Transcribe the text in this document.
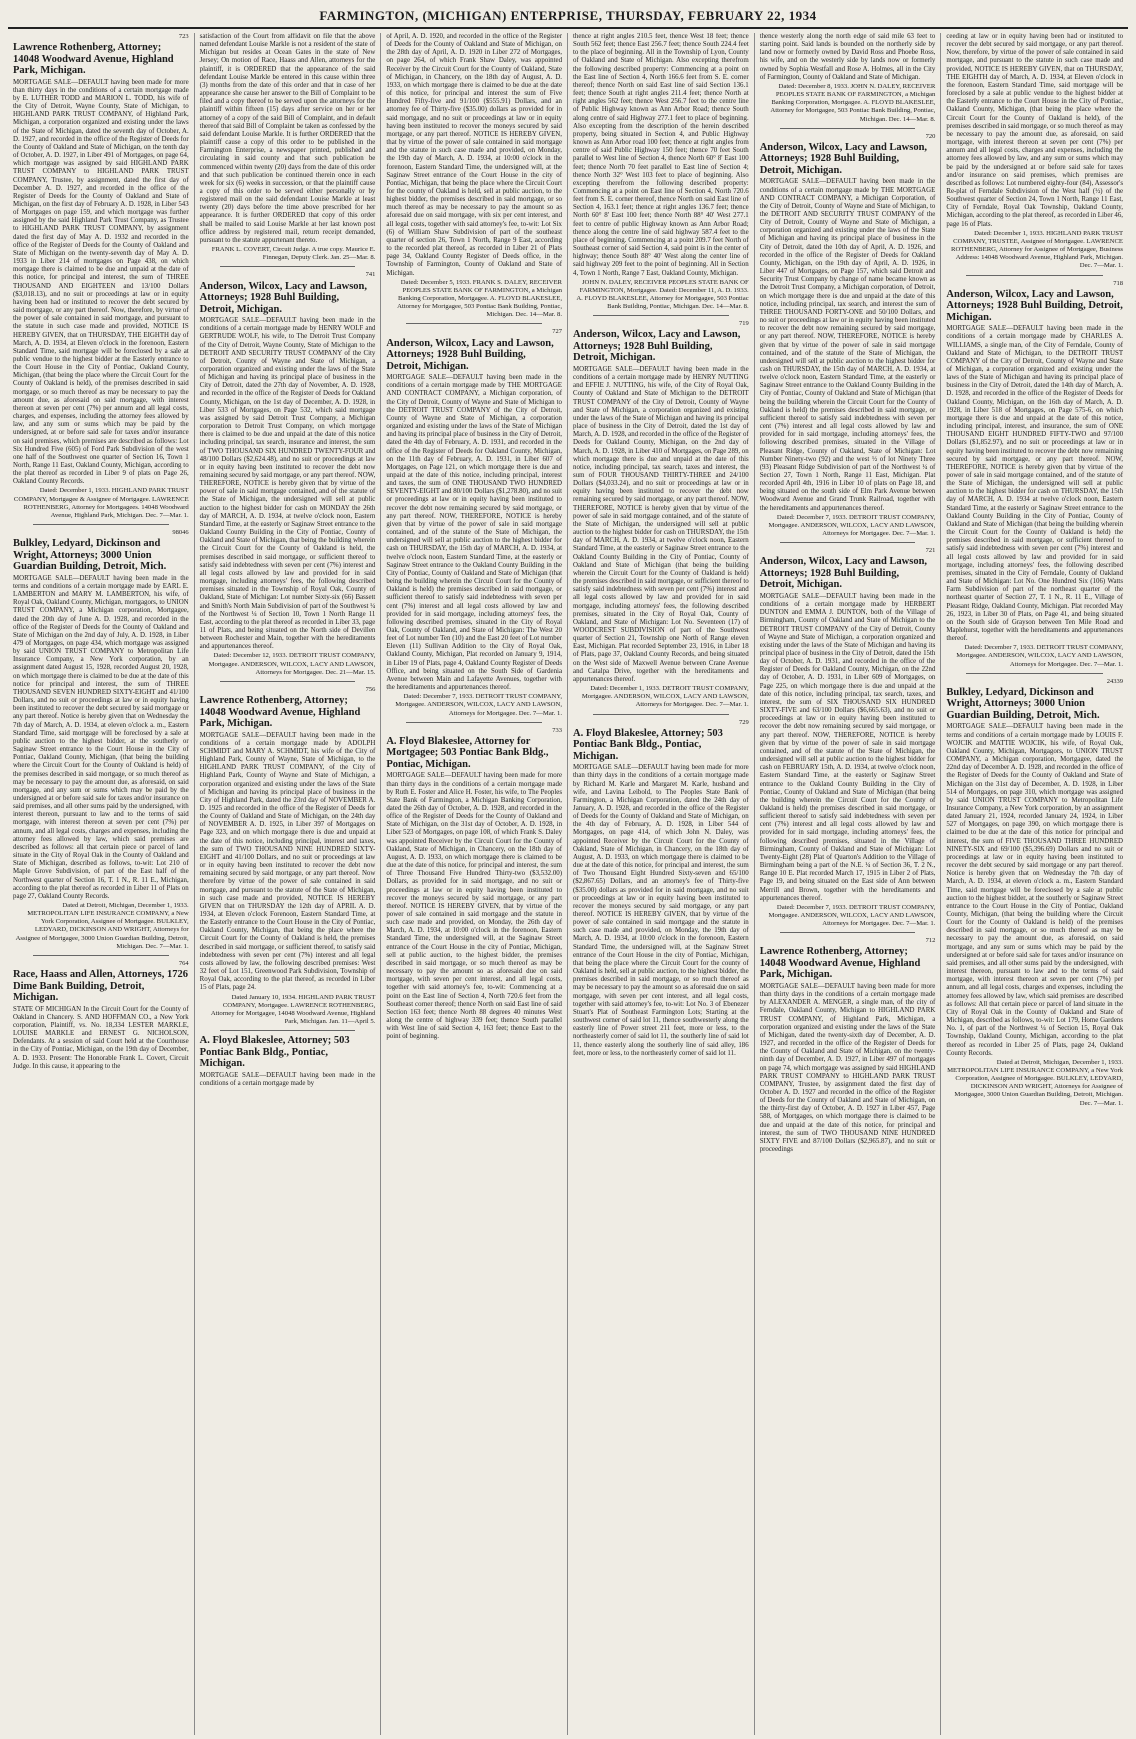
FARMINGTON, (MICHIGAN) ENTERPRISE, THURSDAY, FEBRUARY 22, 1934
723
Lawrence Rothenberg, Attorney; 14048 Woodward Avenue, Highland Park, Michigan.
MORTGAGE SALE—DEFAULT having been made for more than thirty days in the conditions of a certain mortgage made by E. LUTHER TODD and MARION L. TODD, his wife of the City of Detroit, Wayne County, State of Michigan, to HIGHLAND PARK TRUST COMPANY, of Highland Park, Michigan, a corporation organized and existing under the laws of the State of Michigan, dated the seventh day of October, A. D. 1927, and recorded in the office of the Register of Deeds for the County of Oakland and State of Michigan, on the tenth day of October, A. D. 1927, in Liber 491 of Mortgages, on page 64, which mortgage was assigned by said HIGHLAND PARK TRUST COMPANY to HIGHLAND PARK TRUST COMPANY, Trustee, by assignment, dated the first day of December A. D. 1927, and recorded in the office of the Register of Deeds for the County of Oakland and State of Michigan, on the first day of February A. D. 1928, in Liber 543 of Mortgages on page 159, and which mortgage was further assigned by the said Highland Park Trust Company, as Trustee to HIGHLAND PARK TRUST COMPANY, by assignment dated the first day of May A. D. 1932 and recorded in the office of the Register of Deeds for the County of Oakland and State of Michigan on the twenty-seventh day of May A. D. 1933 in Liber 214 of mortgages on Page 438, on which mortgage there is claimed to be due and unpaid at the date of this notice, for principal and interest, the sum of THREE THOUSAND AND EIGHTEEN and 13/100 Dollars ($3,018.13), and no suit or proceedings at law or in equity having been had or instituted to recover the debt secured by said mortgage, or any part thereof. Now, therefore, by virtue of the power of sale contained in said mortgage, and pursuant to the statute in such case made and provided, NOTICE IS HEREBY GIVEN, that on THURSDAY, THE EIGHTH day of March, A. D. 1934, at Eleven o'clock in the forenoon, Eastern Standard Time, said mortgage will be foreclosed by a sale at public vendue to the highest bidder at the Easterly entrance to the Court House in the City of Pontiac, Oakland County, Michigan, (that being the place where the Circuit Court for the County of Oakland is held), of the premises described in said mortgage, or so much thereof as may be necessary to pay the amount due, as aforesaid on said mortgage, with interest thereon at seven per cent (7%) per annum and all legal costs, charges, and expenses, including the attorney fees allowed by law, and any sum or sums which may be paid by the undersigned, at or before said sale for taxes and/or insurance on said premises, which premises are described as follows: Lot Six Hundred Five (605) of Ford Park Subdivision of the west one half of the Southwest one quarter of Section 16, Town 1 North, Range 11 East, Oakland County, Michigan, according to the plat thereof as recorded in Liber 9 of plats on Page 26, Oakland County Records.
Dated: December 1, 1933. HIGHLAND PARK TRUST COMPANY, Mortgagee & Assignee of Mortgagee. LAWRENCE ROTHENBERG, Attorney for Mortgagees. 14048 Woodward Avenue, Highland Park, Michigan. Dec. 7—Mar. 1.
98046
Bulkley, Ledyard, Dickinson and Wright, Attorneys; 3000 Union Guardian Building, Detroit, Mich.
MORTGAGE SALE—DEFAULT having been made in the terms and conditions of a certain mortgage made by EARL E. LAMBERTON and MARY M. LAMBERTON, his wife, of Royal Oak, Oakland County, Michigan, mortgagors, to UNION TRUST COMPANY, a Michigan corporation, Mortgagee, dated the 20th day of June A. D. 1928, and recorded in the office of the Register of Deeds for the County of Oakland and State of Michigan on the 2nd day of July, A. D. 1928, in Liber 479 of Mortgages, on page 434, which mortgage was assigned by said UNION TRUST COMPANY to Metropolitan Life Insurance Company, a New York corporation, by an assignment dated August 15, 1928, recorded August 20, 1928, on which mortgage there is claimed to be due at the date of this notice for principal and interest, the sum of THREE THOUSAND SEVEN HUNDRED SIXTY-EIGHT and 41/100 Dollars, and no suit or proceedings at law or in equity having been instituted to recover the debt secured by said mortgage or any part thereof. Notice is hereby given that on Wednesday the 7th day of March, A. D. 1934, at eleven o'clock a. m., Eastern Standard Time, said mortgage will be foreclosed by a sale at public auction to the highest bidder, at the southerly or Saginaw Street entrance to the Court House in the City of Pontiac, Oakland County, Michigan, (that being the building where the Circuit Court for the County of Oakland is held) of the premises described in said mortgage, or so much thereof as may be necessary to pay the amount due, as aforesaid, on said mortgage, and any sum or sums which may be paid by the undersigned at or before said sale for taxes and/or insurance on said premises, and all other sums paid by the undersigned, with interest thereon, pursuant to law and to the terms of said mortgage, with interest thereon at seven per cent (7%) per annum, and all legal costs, charges and expenses, including the attorney fees allowed by law, which said premises are described as follows: all that certain piece or parcel of land situate in the City of Royal Oak in the County of Oakland and State of Michigan, described as follows, to-wit: Lot 210 of Maple Grove Subdivision, of part of the East half of the Northwest quarter of Section 16, T. 1 N., R. 11 E., Michigan, according to the plat thereof as recorded in Liber 11 of Plats on page 27, Oakland County Records.
Dated at Detroit, Michigan, December 1, 1933. METROPOLITAN LIFE INSURANCE COMPANY, a New York Corporation, Assignee of Mortgagee. BULKLEY, LEDYARD, DICKINSON AND WRIGHT, Attorneys for Assignee of Mortgagee, 3000 Union Guardian Building, Detroit, Michigan. Dec. 7—Mar. 1.
764
Race, Haass and Allen, Attorneys, 1726 Dime Bank Building, Detroit, Michigan.
STATE OF MICHIGAN In the Circuit Court for the County of Oakland in Chancery. S. AND HOFFMAN CO., a New York corporation, Plaintiff, vs. No. 18,334 LESTER MARKLE, LOUISE MARKLE and ERNEST G. NICHOLSON, Defendants. At a session of said Court held at the Courthouse in the City of Pontiac, Michigan, on the 19th day of December, A. D. 1933. Present: The Honorable Frank L. Covert, Circuit Judge. In this cause, it appearing to the
satisfaction of the Court from affidavit on file that the above named defendant Louise Markle is not a resident of the state of Michigan but resides at Ocean Gates in the state of New Jersey; On motion of Race, Haass and Allen, attorneys for the plaintiff, it is ORDERED that the appearance of the said defendant Louise Markle be entered in this cause within three (3) months from the date of this order and that in case of her appearance she cause her answer to the Bill of Complaint to be filed and a copy thereof to be served upon the attorneys for the plaintiff within fifteen (15) days after service on her or her attorney of a copy of the said Bill of Complaint, and in default thereof that said Bill of Complaint be taken as confessed by the said defendant Louise Markle. It is further ORDERED that the plaintiff cause a copy of this order to be published in the Farmington Enterprise, a newspaper printed, published and circulating in said county and that such publication be commenced within twenty (20) days from the date of this order and that such publication be continued therein once in each week for six (6) weeks in succession, or that the plaintiff cause a copy of this order to be served either personally or by registered mail on the said defendant Louise Markle at least twenty (20) days before the time above prescribed for her appearance. It is further ORDERED that copy of this order shall be mailed to said Louise Markle at her last known post office address by registered mail, return receipt demanded, pursuant to the statute appurtenant thereto.
FRANK L. COVERT, Circuit Judge. A true copy. Maurice E. Finnegan, Deputy Clerk. Jan. 25—Mar. 8.
741
Anderson, Wilcox, Lacy and Lawson, Attorneys; 1928 Buhl Building, Detroit, Michigan.
MORTGAGE SALE—DEFAULT having been made in the conditions of a certain mortgage made by HENRY WOLF and GERTRUDE WOLF, his wife, to The Detroit Trust Company of the City of Detroit, Wayne County, State of Michigan to the DETROIT AND SECURITY TRUST COMPANY of the City of Detroit, County of Wayne and State of Michigan, a corporation organized and existing under the laws of the State of Michigan and having its principal place of business in the City of Detroit, dated the 27th day of November, A. D. 1928, and recorded in the office of the Register of Deeds for Oakland County, Michigan, on the 1st day of December, A. D. 1928, in Liber 533 of Mortgages, on Page 532, which said mortgage was assigned by said Detroit Trust Company, a Michigan corporation to Detroit Trust Company, on which mortgage there is claimed to be due and unpaid at the date of this notice including principal, tax search, insurance and interest, the sum of TWO THOUSAND SIX HUNDRED TWENTY-FOUR and 48/100 Dollars ($2,624.48), and no suit or proceedings at law or in equity having been instituted to recover the debt now remaining secured by said mortgage, or any part thereof. NOW, THEREFORE, NOTICE is hereby given that by virtue of the power of sale in said mortgage contained, and of the statute of the State of Michigan, the undersigned will sell at public auction to the highest bidder for cash on MONDAY the 26th day of MARCH, A. D. 1934, at twelve o'clock noon, Eastern Standard Time, at the easterly or Saginaw Street entrance to the Oakland County Building in the City of Pontiac, County of Oakland and State of Michigan, that being the building wherein the Circuit Court for the County of Oakland is held, the premises described in said mortgage, or sufficient thereof to satisfy said indebtedness with seven per cent (7%) interest and all legal costs allowed by law and provided for in said mortgage, including attorneys' fees, the following described premises situated in the Township of Royal Oak, County of Oakland, State of Michigan: Lot number Sixty-six (66) Bassett and Smith's North Main Subdivision of part of the Southwest ¼ of the Northwest ¼ of Section 10, Town 1 North Range 11 East, according to the plat thereof as recorded in Liber 33, page 11 of Plats, and being situated on the North side of Devillen between Rochester and Main, together with the hereditaments and appurtenances thereof.
Dated: December 12, 1933. DETROIT TRUST COMPANY, Mortgagee. ANDERSON, WILCOX, LACY AND LAWSON, Attorneys for Mortgagee. Dec. 21—Mar. 15.
756
Lawrence Rothenberg, Attorney; 14048 Woodward Avenue, Highland Park, Michigan.
MORTGAGE SALE—DEFAULT having been made in the conditions of a certain mortgage made by ADOLPH SCHMIDT and MARY A. SCHMIDT, his wife of the City of Highland Park, County of Wayne, State of Michigan, to the HIGHLAND PARK TRUST COMPANY, of the City of Highland Park, County of Wayne and State of Michigan, a corporation organized and existing under the laws of the State of Michigan and having its principal place of business in the City of Highland Park, dated the 23rd day of NOVEMBER A. D. 1925 and recorded in the office of the Register of Deeds for the County of Oakland and State of Michigan, on the 24th day of NOVEMBER A. D. 1925, in Liber 397 of Mortgages on Page 323, and on which mortgage there is due and unpaid at the date of this notice, including principal, interest and taxes, the sum of TWO THOUSAND NINE HUNDRED SIXTY-EIGHT and 41/100 Dollars, and no suit or proceedings at law or in equity having been instituted to recover the debt now remaining secured by said mortgage, or any part thereof. Now therefore by virtue of the power of sale contained in said mortgage, and pursuant to the statute of the State of Michigan, in such case made and provided, NOTICE IS HEREBY GIVEN that on THURSDAY the 12th day of APRIL A. D. 1934, at Eleven o'clock Forenoon, Eastern Standard Time, at the Easterly entrance to the Court House in the City of Pontiac, Oakland County, Michigan, that being the place where the Circuit Court for the County of Oakland is held, the premises described in said mortgage, or sufficient thereof, to satisfy said indebtedness with seven per cent (7%) interest and all legal costs allowed by law, the following described premises: West 32 feet of Lot 151, Greenwood Park Subdivision, Township of Royal Oak, according to the plat thereof, as recorded in Liber 15 of Plats, page 24.
Dated January 10, 1934. HIGHLAND PARK TRUST COMPANY, Mortgagee. LAWRENCE ROTHENBERG, Attorney for Mortgagee, 14048 Woodward Avenue, Highland Park, Michigan. Jan. 11—April 5.
A. Floyd Blakeslee, Attorney; 503 Pontiac Bank Bldg., Pontiac, Michigan.
MORTGAGE SALE—DEFAULT having been made in the conditions of a certain mortgage made by
of April, A. D. 1920, and recorded in the office of the Register of Deeds for the County of Oakland and State of Michigan, on the 28th day of April, A. D. 1920 in Liber 272 of Mortgages, on page 264, of which Frank Shaw Daley, was appointed Receiver by the Circuit Court for the County of Oakland, State of Michigan, in Chancery, on the 18th day of August, A. D. 1933, on which mortgage there is claimed to be due at the date of this notice, for principal and interest the sum of Five Hundred Fifty-five and 91/100 ($555.91) Dollars, and an attorney fee of Thirty-five ($35.00) dollars as provided for in said mortgage, and no suit or proceedings at law or in equity having been instituted to recover the moneys secured by said mortgage, or any part thereof. NOTICE IS HEREBY GIVEN, that by virtue of the power of sale contained in said mortgage and the statute in such case made and provided, on Monday, the 19th day of March, A. D. 1934, at 10:00 o'clock in the forenoon, Eastern Standard Time, the undersigned will, at the Saginaw Street entrance of the Court House in the city of Pontiac, Michigan, that being the place where the Circuit Court for the county of Oakland is held, sell at public auction, to the highest bidder, the premises described in said mortgage, or so much thereof as may be necessary to pay the amount so as aforesaid due on said mortgage, with six per cent interest, and all legal costs, together with said attorney's fee, to-wit: Lot Six (6) of William Shaw Subdivision of part of the southeast quarter of section 26, Town 1 North, Range 9 East, according to the recorded plat thereof, as recorded in Liber 21 of Plats page 34, Oakland County Register of Deeds office, in the Township of Farmington, County of Oakland and State of Michigan.
Dated: December 5, 1933. FRANK S. DALEY, RECEIVER PEOPLES STATE BANK OF FARMINGTON, a Michigan Banking Corporation, Mortgagee. A. FLOYD BLAKESLEE, Attorney for Mortgagee, 503 Pontiac Bank Building, Pontiac, Michigan. Dec. 14—Mar. 8.
727
Anderson, Wilcox, Lacy and Lawson, Attorneys; 1928 Buhl Building, Detroit, Michigan.
MORTGAGE SALE—DEFAULT having been made in the conditions of a certain mortgage made by THE MORTGAGE AND CONTRACT COMPANY, a Michigan corporation, of the City of Detroit, County of Wayne and State of Michigan to the DETROIT TRUST COMPANY of the City of Detroit, County of Wayne and State of Michigan, a corporation organized and existing under the laws of the State of Michigan and having its principal place of business in the City of Detroit, dated the 4th day of February, A. D. 1931, and recorded in the office of the Register of Deeds for Oakland County, Michigan, on the 11th day of February, A. D. 1931, in Liber 607 of Mortgages, on Page 121, on which mortgage there is due and unpaid at the date of this notice, including principal, interest and taxes, the sum of ONE THOUSAND TWO HUNDRED SEVENTY-EIGHT and 80/100 Dollars ($1,278.80), and no suit or proceedings at law or in equity having been instituted to recover the debt now remaining secured by said mortgage, or any part thereof. NOW, THEREFORE, NOTICE is hereby given that by virtue of the power of sale in said mortgage contained, and of the statute of the State of Michigan, the undersigned will sell at public auction to the highest bidder for cash on THURSDAY, the 15th day of MARCH, A. D. 1934, at twelve o'clock noon, Eastern Standard Time, at the easterly or Saginaw Street entrance to the Oakland County Building in the City of Pontiac, County of Oakland and State of Michigan (that being the building wherein the Circuit Court for the County of Oakland is held) the premises described in said mortgage, or sufficient thereof to satisfy said indebtedness with seven per cent (7%) interest and all legal costs allowed by law and provided for in said mortgage, including attorneys' fees, the following described premises, situated in the City of Royal Oak, County of Oakland, and State of Michigan: The West 20 feet of Lot number Ten (10) and the East 20 feet of Lot number Eleven (11) Sullivan Addition to the City of Royal Oak, Oakland County, Michigan, Plat recorded on January 9, 1914, in Liber 19 of Plats, page 4, Oakland County Register of Deeds Office, and being situated on the South Side of Gardenia Avenue between Main and Lafayette Avenues, together with the hereditaments and appurtenances thereof.
Dated: December 7, 1933. DETROIT TRUST COMPANY, Mortgagee. ANDERSON, WILCOX, LACY AND LAWSON, Attorneys for Mortgagee. Dec. 7—Mar. 1.
733
A. Floyd Blakeslee, Attorney for Mortgagee; 503 Pontiac Bank Bldg., Pontiac, Michigan.
MORTGAGE SALE—DEFAULT having been made for more than thirty days in the conditions of a certain mortgage made by Ruth E. Foster and Alice H. Foster, his wife, to The Peoples State Bank of Farmington, a Michigan Banking Corporation, dated the 26th day of October, A. D. 1928, and recorded in the office of the Register of Deeds for the County of Oakland and State of Michigan, on the 31st day of October, A. D. 1928, in Liber 523 of Mortgages, on page 108, of which Frank S. Daley was appointed Receiver by the Circuit Court for the County of Oakland, State of Michigan, in Chancery, on the 18th day of August, A. D. 1933, on which mortgage there is claimed to be due at the date of this notice, for principal and interest, the sum of Three Thousand Five Hundred Thirty-two ($3,532.00) Dollars, as provided for in said mortgage, and no suit or proceedings at law or in equity having been instituted to recover the moneys secured by said mortgage, or any part thereof. NOTICE IS HEREBY GIVEN, that by virtue of the power of sale contained in said mortgage and the statute in such case made and provided, on Monday, the 26th day of March, A. D. 1934, at 10:00 o'clock in the forenoon, Eastern Standard Time, the undersigned will, at the Saginaw Street entrance of the Court House in the city of Pontiac, Michigan, sell at public auction, to the highest bidder, the premises described in said mortgage, or so much thereof as may be necessary to pay the amount so as aforesaid due on said mortgage, with seven per cent interest, and all legal costs, together with said attorney's fee, to-wit: Commencing at a point on the East line of Section 4, North 720.6 feet from the Southeast corner thereof; thence North on said East line of said Section 163 feet; thence North 88 degrees 40 minutes West along the centre of highway 339 feet; thence South parallel with West line of said Section 4, 163 feet; thence East to the point of beginning.
thence at right angles 210.5 feet, thence West 18 feet; thence South 562 feet; thence East 256.7 feet; thence South 224.4 feet to the place of beginning. All in the Township of Lyon, County of Oakland and State of Michigan. Also excepting therefrom the following described property: Commencing at a point on the East line of Section 4, North 166.6 feet from S. E. corner thereof; thence North on said East line of said Section 136.1 feet; thence South at right angles 211.4 feet; thence North at right angles 562 feet; thence West 256.7 feet to the centre line of Public Highway known as Ann Arbor Road; thence South along centre of said Highway 277.1 feet to place of beginning. Also excepting from the description of the herein described property, being situated in Section 4, and Public Highway known as Ann Arbor road 100 feet; thence at right angles from centre of said Public Highway 150 feet; thence 70 feet South parallel to West line of Section 4, thence North 60° 8' East 100 feet; thence North 70 feet parallel to East line of Section 4; thence North 32° West 103 feet to place of beginning. Also excepting therefrom the following described property: Commencing at a point on East line of Section 4, North 720.6 feet from S. E. corner thereof, thence North on said East line of Section 4, 163.1 feet; thence at right angles 136.7 feet; thence North 60° 8' East 100 feet; thence North 88° 40' West 277.1 feet to centre of public Highway known as Ann Arbor Road; thence along the centre line of said highway 587.4 feet to the place of beginning. Commencing at a point 209.7 feet North of Southeast corner of said Section 4, said point is in the center of highway; thence South 88° 40' West along the center line of said highway 209 feet to the point of beginning. All in Section 4, Town 1 North, Range 7 East, Oakland County, Michigan.
JOHN N. DALEY, RECEIVER PEOPLES STATE BANK OF FARMINGTON, Mortgagee. Dated: December 11, A. D. 1933. A. FLOYD BLAKESLEE, Attorney for Mortgagee, 503 Pontiac Bank Building, Pontiac, Michigan. Dec. 14—Mar. 8.
719
Anderson, Wilcox, Lacy and Lawson, Attorneys; 1928 Buhl Building, Detroit, Michigan.
MORTGAGE SALE—DEFAULT having been made in the conditions of a certain mortgage made by HENRY NUTTING and EFFIE J. NUTTING, his wife, of the City of Royal Oak, County of Oakland and State of Michigan to the DETROIT TRUST COMPANY of the City of Detroit, County of Wayne and State of Michigan, a corporation organized and existing under the laws of the State of Michigan and having its principal place of business in the City of Detroit, dated the 1st day of March, A. D. 1928, and recorded in the office of the Register of Deeds for Oakland County, Michigan, on the 2nd day of March, A. D. 1928, in Liber 410 of Mortgages, on Page 289, on which mortgage there is due and unpaid at the date of this notice, including principal, tax search, taxes and interest, the sum of FOUR THOUSAND THIRTY-THREE and 24/100 Dollars ($4,033.24), and no suit or proceedings at law or in equity having been instituted to recover the debt now remaining secured by said mortgage, or any part thereof. NOW, THEREFORE, NOTICE is hereby given that by virtue of the power of sale in said mortgage contained, and of the statute of the State of Michigan, the undersigned will sell at public auction to the highest bidder for cash on THURSDAY, the 15th day of MARCH, A. D. 1934, at twelve o'clock noon, Eastern Standard Time, at the easterly or Saginaw Street entrance to the Oakland County Building in the City of Pontiac, County of Oakland and State of Michigan (that being the building wherein the Circuit Court for the County of Oakland is held) the premises described in said mortgage, or sufficient thereof to satisfy said indebtedness with seven per cent (7%) interest and all legal costs allowed by law and provided for in said mortgage, including attorneys' fees, the following described premises, situated in the City of Royal Oak, County of Oakland, and State of Michigan: Lot No. Seventeen (17) of WOODCREST SUBDIVISION of part of the Southwest quarter of Section 21, Township one North of Range eleven East, Michigan. Plat recorded September 23, 1916, in Liber 18 of Plats, page 37, Oakland County Records, and being situated on the West side of Maxwell Avenue between Crane Avenue and Catalpa Drive, together with the hereditaments and appurtenances thereof.
Dated: December 1, 1933. DETROIT TRUST COMPANY, Mortgagee. ANDERSON, WILCOX, LACY AND LAWSON, Attorneys for Mortgagee. Dec. 7—Mar. 1.
729
A. Floyd Blakeslee, Attorney; 503 Pontiac Bank Bldg., Pontiac, Michigan.
MORTGAGE SALE—DEFAULT having been made for more than thirty days in the conditions of a certain mortgage made by Richard M. Karle and Margaret M. Karle, husband and wife, and Lavina Leibold, to The Peoples State Bank of Farmington, a Michigan Corporation, dated the 24th day of January, A. D. 1928, and recorded in the office of the Register of Deeds for the County of Oakland and State of Michigan, on the 4th day of February, A. D. 1928, in Liber 544 of Mortgages, on page 414, of which John N. Daley, was appointed Receiver by the Circuit Court for the County of Oakland, State of Michigan, in Chancery, on the 18th day of August, A. D. 1933, on which mortgage there is claimed to be due at the date of this notice, for principal and interest, the sum of Two Thousand Eight Hundred Sixty-seven and 65/100 ($2,867.65) Dollars, and an attorney's fee of Thirty-five ($35.00) dollars as provided for in said mortgage, and no suit or proceedings at law or in equity having been instituted to recover the moneys secured by said mortgage, or any part thereof. NOTICE IS HEREBY GIVEN, that by virtue of the power of sale contained in said mortgage and the statute in such case made and provided, on Monday, the 19th day of March, A. D. 1934, at 10:00 o'clock in the forenoon, Eastern Standard Time, the undersigned will, at the Saginaw Street entrance of the Court House in the city of Pontiac, Michigan, that being the place where the Circuit Court for the county of Oakland is held, sell at public auction, to the highest bidder, the premises described in said mortgage, or so much thereof as may be necessary to pay the amount so as aforesaid due on said mortgage, with seven per cent interest, and all legal costs, together with said attorney's fee, to-wit: Lot No. 3 of Ebenezer Stuart's Plat of Southeast Farmington Lots; Starting at the southwest corner of said lot 11, thence southwesterly along the easterly line of Power street 211 feet, more or less, to the northeasterly corner of said lot 11, the southerly line of said lot 11, thence easterly along the southerly line of said alley, 186 feet, more or less, to the northeasterly corner of said lot 11.
thence westerly along the north edge of said mile 63 feet to starting point. Said lands is bounded on the northerly side by land now or formerly owned by David Ross and Phoebe Ross, his wife, and on the westerly side by lands now or formerly owned by Sophia Westfall and Rose A. Holmes, all in the City of Farmington, County of Oakland and State of Michigan.
Dated: December 8, 1933. JOHN N. DALEY, RECEIVER PEOPLES STATE BANK OF FARMINGTON, a Michigan Banking Corporation, Mortgagee. A. FLOYD BLAKESLEE, Attorney for Mortgagee, 503 Pontiac Bank Building, Pontiac, Michigan. Dec. 14—Mar. 8.
720
Anderson, Wilcox, Lacy and Lawson, Attorneys; 1928 Buhl Building, Detroit, Michigan.
MORTGAGE SALE—DEFAULT having been made in the conditions of a certain mortgage made by THE MORTGAGE AND CONTRACT COMPANY, a Michigan Corporation, of the City of Detroit, County of Wayne and State of Michigan, to the DETROIT AND SECURITY TRUST COMPANY of the City of Detroit, County of Wayne and State of Michigan, a corporation organized and existing under the laws of the State of Michigan and having its principal place of business in the City of Detroit, dated the 10th day of April, A. D. 1926, and recorded in the office of the Register of Deeds for Oakland County, Michigan, on the 19th day of April, A. D. 1926, in Liber 447 of Mortgages, on Page 157, which said Detroit and Security Trust Company by change of name became known as the Detroit Trust Company, a Michigan corporation, of Detroit, on which mortgage there is due and unpaid at the date of this notice, including principal, tax search, and interest the sum of THREE THOUSAND FORTY-ONE and 50/100 Dollars, and no suit or proceedings at law or in equity having been instituted to recover the debt now remaining secured by said mortgage, or any part thereof. NOW, THEREFORE, NOTICE is hereby given that by virtue of the power of sale in said mortgage contained, and of the statute of the State of Michigan, the undersigned will sell at public auction to the highest bidder for cash on THURSDAY, the 15th day of MARCH, A. D. 1934, at twelve o'clock noon, Eastern Standard Time, at the easterly or Saginaw Street entrance to the Oakland County Building in the City of Pontiac, County of Oakland and State of Michigan (that being the building wherein the Circuit Court for the County of Oakland is held) the premises described in said mortgage, or sufficient thereof to satisfy said indebtedness with seven per cent (7%) interest and all legal costs allowed by law and provided for in said mortgage, including attorneys' fees, the following described premises, situated in the Village of Pleasant Ridge, County of Oakland, State of Michigan: Lot Number Ninety-two (92) and the west ½ of lot Ninety Three (93) Pleasant Ridge Subdivision of part of the Northwest ¼ of Section 27, Town 1 North, Range 11 East, Michigan. Plat recorded April 4th, 1916 in Liber 10 of plats on Page 18, and being situated on the south side of Elm Park Avenue between Woodward Avenue and Grand Trunk Railroad, together with the hereditaments and appurtenances thereof.
Dated: December 7, 1933. DETROIT TRUST COMPANY, Mortgagee. ANDERSON, WILCOX, LACY AND LAWSON, Attorneys for Mortgagee. Dec. 7—Mar. 1.
721
Anderson, Wilcox, Lacy and Lawson, Attorneys; 1928 Buhl Building, Detroit, Michigan.
MORTGAGE SALE—DEFAULT having been made in the conditions of a certain mortgage made by HERBERT DUNTON and EMMA J. DUNTON, both of the Village of Birmingham, County of Oakland and State of Michigan to the DETROIT TRUST COMPANY of the City of Detroit, County of Wayne and State of Michigan, a corporation organized and existing under the laws of the State of Michigan and having its principal place of business in the City of Detroit, dated the 15th day of October, A. D. 1931, and recorded in the office of the Register of Deeds for Oakland County, Michigan, on the 22nd day of October, A. D. 1931, in Liber 609 of Mortgages, on Page 225, on which mortgage there is due and unpaid at the date of this notice, including principal, tax search, taxes, and interest, the sum of SIX THOUSAND SIX HUNDRED SIXTY-FIVE and 63/100 Dollars ($6,665.63), and no suit or proceedings at law or in equity having been instituted to recover the debt now remaining secured by said mortgage, or any part thereof. NOW, THEREFORE, NOTICE is hereby given that by virtue of the power of sale in said mortgage contained, and of the statute of the State of Michigan, the undersigned will sell at public auction to the highest bidder for cash on FEBRUARY 15th, A. D. 1934, at twelve o'clock noon, Eastern Standard Time, at the easterly or Saginaw Street entrance to the Oakland County Building in the City of Pontiac, County of Oakland and State of Michigan (that being the building wherein the Circuit Court for the County of Oakland is held) the premises described in said mortgage, or sufficient thereof to satisfy said indebtedness with seven per cent (7%) interest and all legal costs allowed by law and provided for in said mortgage, including attorneys' fees, the following described premises, situated in the Village of Birmingham, County of Oakland and State of Michigan: Lot Twenty-Eight (28) Plat of Quarton's Addition to the Village of Birmingham being a part of the N.E. ¼ of Section 36, T. 2 N., Range 10 E. Plat recorded March 17, 1915 in Liber 2 of Plats, Page 19, and being situated on the East side of Ann between Merrill and Brown, together with the hereditaments and appurtenances thereof.
Dated: December 7, 1933. DETROIT TRUST COMPANY, Mortgagee. ANDERSON, WILCOX, LACY AND LAWSON, Attorneys for Mortgagee. Dec. 7—Mar. 1.
712
Lawrence Rothenberg, Attorney; 14048 Woodward Avenue, Highland Park, Michigan.
MORTGAGE SALE—DEFAULT having been made for more than thirty days in the conditions of a certain mortgage made by ALEXANDER A. MENGER, a single man, of the city of Ferndale, Oakland County, Michigan to HIGHLAND PARK TRUST COMPANY, of Highland Park, Michigan, a corporation organized and existing under the laws of the State of Michigan, dated the twenty-sixth day of December, A. D. 1927, and recorded in the office of the Register of Deeds for the County of Oakland and State of Michigan, on the twenty-ninth day of December, A. D. 1927, in Liber 497 of mortgages on page 74, which mortgage was assigned by said HIGHLAND PARK TRUST COMPANY to HIGHLAND PARK TRUST COMPANY, Trustee, by assignment dated the first day of October A. D. 1927 and recorded in the office of the Register of Deeds for the County of Oakland and State of Michigan, on the thirty-first day of October, A. D. 1927 in Liber 457, Page 588, of Mortgages, on which mortgage there is claimed to be due and unpaid at the date of this notice, for principal and interest, the sum of TWO THOUSAND NINE HUNDRED SIXTY FIVE and 87/100 Dollars ($2,965.87), and no suit or proceedings
ceeding at law or in equity having been had or instituted to recover the debt secured by said mortgage, or any part thereof. Now, therefore, by virtue of the power of sale contained in said mortgage, and pursuant to the statute in such case made and provided, NOTICE IS HEREBY GIVEN, that on THURSDAY, THE EIGHTH day of March, A. D. 1934, at Eleven o'clock in the forenoon, Eastern Standard Time, said mortgage will be foreclosed by a sale at public vendue to the highest bidder at the Easterly entrance to the Court House in the City of Pontiac, Oakland County, Michigan, (that being the place where the Circuit Court for the County of Oakland is held), of the premises described in said mortgage, or so much thereof as may be necessary to pay the amount due, as aforesaid, on said mortgage, with interest thereon at seven per cent (7%) per annum and all legal costs, charges and expenses, including the attorney fees allowed by law, and any sum or sums which may be paid by the undersigned at or before said sale for taxes and/or insurance on said premises, which premises are described as follows: Lot numbered eighty-four (84), Assessor's Re-plat of Ferndale Subdivision of the West half (½) of the Southwest quarter of Section 24, Town 1 North, Range 11 East, City of Ferndale, Royal Oak Township, Oakland County, Michigan, according to the plat thereof, as recorded in Liber 46, page 16 of Plats.
Dated: December 1, 1933. HIGHLAND PARK TRUST COMPANY, TRUSTEE, Assignee of Mortgagee. LAWRENCE ROTHENBERG, Attorney for Assignee of Mortgagee, Business Address: 14048 Woodward Avenue, Highland Park, Michigan. Dec. 7—Mar. 1.
718
Anderson, Wilcox, Lacy and Lawson, Attorneys; 1928 Buhl Building, Detroit, Michigan.
MORTGAGE SALE—DEFAULT having been made in the conditions of a certain mortgage made by CHARLES A. WILLIAMS, a single man, of the City of Ferndale, County of Oakland and State of Michigan, to the DETROIT TRUST COMPANY of the City of Detroit, County of Wayne and State of Michigan, a corporation organized and existing under the laws of the State of Michigan and having its principal place of business in the City of Detroit, dated the 14th day of March, A. D. 1928, and recorded in the office of the Register of Deeds for Oakland County, Michigan, on the 16th day of March, A. D. 1928, in Liber 518 of Mortgages, on Page 575-6, on which mortgage there is due and unpaid at the date of this notice, including principal, interest, and insurance, the sum of ONE THOUSAND EIGHT HUNDRED FIFTY-TWO and 97/100 Dollars ($1,852.97), and no suit or proceedings at law or in equity having been instituted to recover the debt now remaining secured by said mortgage, or any part thereof. NOW, THEREFORE, NOTICE is hereby given that by virtue of the power of sale in said mortgage contained, and of the statute of the State of Michigan, the undersigned will sell at public auction to the highest bidder for cash on THURSDAY, the 15th day of MARCH, A. D. 1934 at twelve o'clock noon, Eastern Standard Time, at the easterly or Saginaw Street entrance to the Oakland County Building in the City of Pontiac, County of Oakland and State of Michigan (that being the building wherein the Circuit Court for the County of Oakland is held) the premises described in said mortgage, or sufficient thereof to satisfy said indebtedness with seven per cent (7%) interest and all legal costs allowed by law and provided for in said mortgage, including attorneys' fees, the following described premises, situated in the City of Ferndale, County of Oakland and State of Michigan: Lot No. One Hundred Six (106) Watts Farm Subdivision of part of the northeast quarter of the northeast quarter of Section 27, T. 1 N., R. 11 E., Village of Pleasant Ridge, Oakland County, Michigan. Plat recorded May 26, 1923, in Liber 30 of Plats, on Page 41, and being situated on the South side of Grayson between Ten Mile Road and Maplehurst, together with the hereditaments and appurtenances thereof.
Dated: December 7, 1933. DETROIT TRUST COMPANY, Mortgagee. ANDERSON, WILCOX, LACY AND LAWSON, Attorneys for Mortgagee. Dec. 7—Mar. 1.
24339
Bulkley, Ledyard, Dickinson and Wright, Attorneys; 3000 Union Guardian Building, Detroit, Mich.
MORTGAGE SALE—DEFAULT having been made in the terms and conditions of a certain mortgage made by LOUIS F. WOJCIK and MATTIE WOJCIK, his wife, of Royal Oak, Oakland County, Michigan, Mortgagors, to UNION TRUST COMPANY, a Michigan corporation, Mortgagee, dated the 22nd day of December A. D. 1928, and recorded in the office of the Register of Deeds for the County of Oakland and State of Michigan on the 31st day of December, A. D. 1928, in Liber 514 of Mortgages, on page 310, which mortgage was assigned by said UNION TRUST COMPANY to Metropolitan Life Insurance Company, a New York corporation, by an assignment dated January 21, 1924, recorded January 24, 1924, in Liber 527 of Mortgages, on page 390, on which mortgage there is claimed to be due at the date of this notice for principal and interest, the sum of FIVE THOUSAND THREE HUNDRED NINETY-SIX and 69/100 ($5,396.69) Dollars and no suit or proceedings at law or in equity having been instituted to recover the debt secured by said mortgage or any part thereof. Notice is hereby given that on Wednesday the 7th day of March, A. D. 1934, at eleven o'clock a. m., Eastern Standard Time, said mortgage will be foreclosed by a sale at public auction to the highest bidder, at the southerly or Saginaw Street entrance to the Court House in the City of Pontiac, Oakland County, Michigan, (that being the building where the Circuit Court for the County of Oakland is held) of the premises described in said mortgage, or so much thereof as may be necessary to pay the amount due, as aforesaid, on said mortgage, and any sum or sums which may be paid by the undersigned at or before said sale for taxes and/or insurance on said premises, and all other sums paid by the undersigned, with interest thereon, pursuant to law and to the terms of said mortgage, with interest thereon at seven per cent (7%) per annum, and all legal costs, charges and expenses, including the attorney fees allowed by law, which said premises are described as follows: All that certain piece or parcel of land situate in the City of Royal Oak in the County of Oakland and State of Michigan, described as follows, to-wit: Lot 179, Home Gardens No. 1, of part of the Northwest ¼ of Section 15, Royal Oak Township, Oakland County, Michigan, according to the plat thereof as recorded in Liber 25 of Plats, page 24, Oakland County Records.
Dated at Detroit, Michigan, December 1, 1933. METROPOLITAN LIFE INSURANCE COMPANY, a New York Corporation, Assignee of Mortgagee. BULKLEY, LEDYARD, DICKINSON AND WRIGHT, Attorneys for Assignee of Mortgagee, 3000 Union Guardian Building, Detroit, Michigan. Dec. 7—Mar. 1.
